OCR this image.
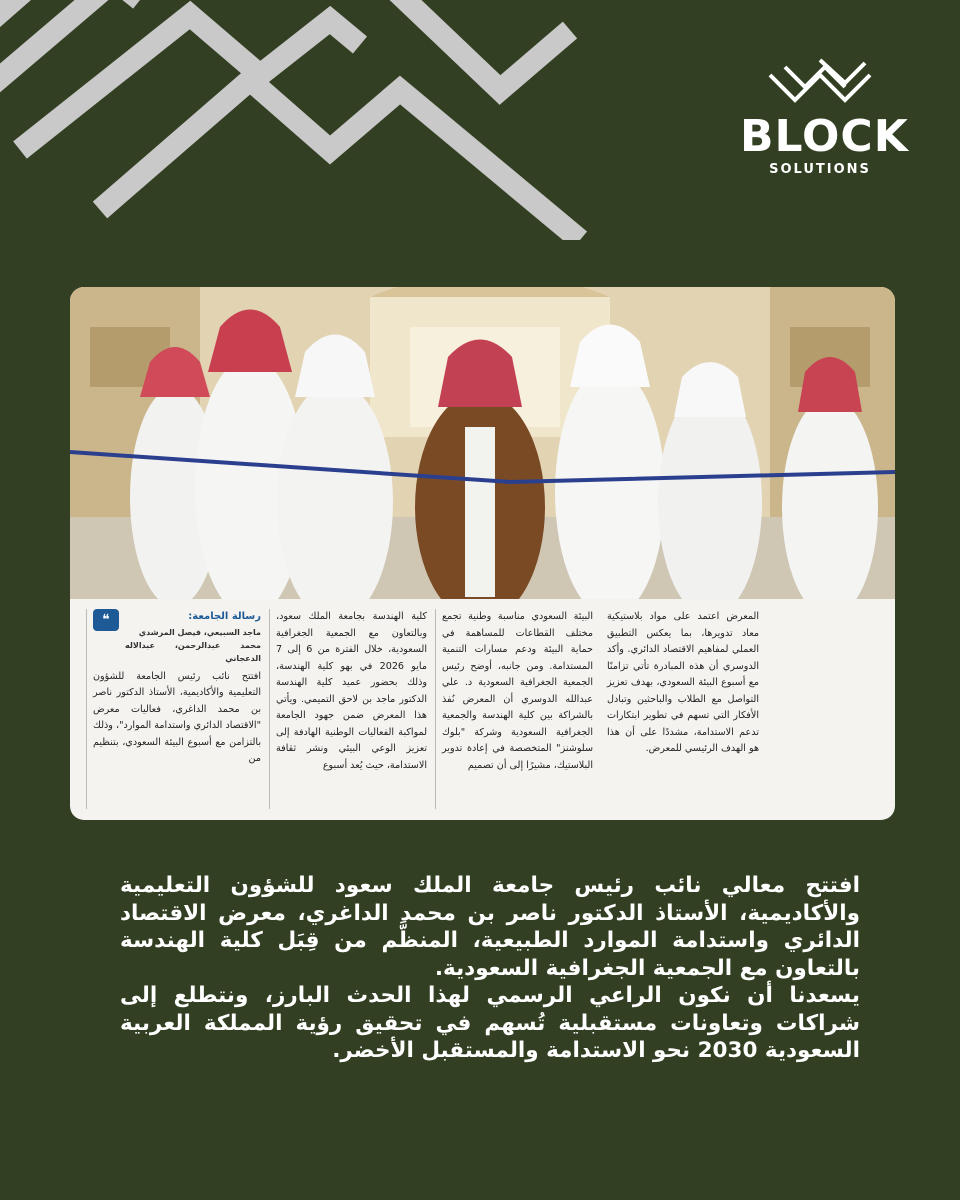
BLOCK
SOLUTIONS
❝	رسالة الجامعة:
ماجد السبيعي، فيصل المرشدي
محمد عبدالرحمن، عبدالاله الدعجاني
افتتح نائب رئيس الجامعة للشؤون التعليمية والأكاديمية، الأستاذ الدكتور ناصر بن محمد الداغري، فعاليات معرض "الاقتصاد الدائري واستدامة الموارد"، وذلك بالتزامن مع أسبوع البيئة السعودي، بتنظيم من
كلية الهندسة بجامعة الملك سعود، وبالتعاون مع الجمعية الجغرافية السعودية، خلال الفترة من 6 إلى 7 مايو 2026 في بهو كلية الهندسة، وذلك بحضور عميد كلية الهندسة الدكتور ماجد بن لاحق التميمي. ويأتي هذا المعرض ضمن جهود الجامعة لمواكبة الفعاليات الوطنية الهادفة إلى تعزيز الوعي البيئي ونشر ثقافة الاستدامة، حيث يُعد أسبوع
البيئة السعودي مناسبة وطنية تجمع مختلف القطاعات للمساهمة في حماية البيئة ودعم مسارات التنمية المستدامة. ومن جانبه، أوضح رئيس الجمعية الجغرافية السعودية د. علي عبدالله الدوسري أن المعرض نُفذ بالشراكة بين كلية الهندسة والجمعية الجغرافية السعودية وشركة "بلوك سلوشنز" المتخصصة في إعادة تدوير البلاستيك، مشيرًا إلى أن تصميم
المعرض اعتمد على مواد بلاستيكية معاد تدويرها، بما يعكس التطبيق العملي لمفاهيم الاقتصاد الدائري. وأكد الدوسري أن هذه المبادرة تأتي تزامنًا مع أسبوع البيئة السعودي، بهدف تعزيز التواصل مع الطلاب والباحثين وتبادل الأفكار التي تسهم في تطوير ابتكارات تدعم الاستدامة، مشددًا على أن هذا هو الهدف الرئيسي للمعرض.

افتتح معالي نائب رئيس جامعة الملك سعود للشؤون التعليمية والأكاديمية، الأستاذ الدكتور ناصر بن محمد الداغري، معرض الاقتصاد الدائري واستدامة الموارد الطبيعية، المنظَّم من قِبَل كلية الهندسة بالتعاون مع الجمعية الجغرافية السعودية.

يسعدنا أن نكون الراعي الرسمي لهذا الحدث البارز، ونتطلع إلى شراكات وتعاونات مستقبلية تُسهم في تحقيق رؤية المملكة العربية السعودية 2030 نحو الاستدامة والمستقبل الأخضر.
